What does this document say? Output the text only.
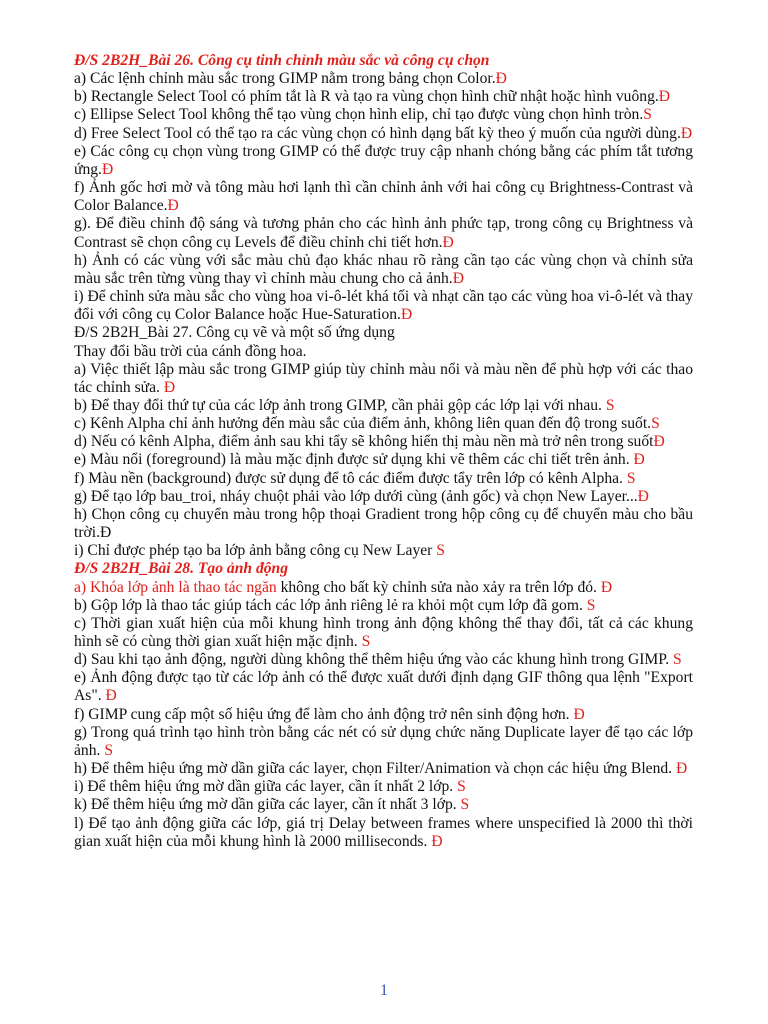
Đ/S 2B2H_Bài 26. Công cụ tinh chỉnh màu sắc và công cụ chọn

a) Các lệnh chỉnh màu sắc trong GIMP nằm trong bảng chọn Color.Đ

b) Rectangle Select Tool có phím tắt là R và tạo ra vùng chọn hình chữ nhật hoặc hình vuông.Đ

c) Ellipse Select Tool không thể tạo vùng chọn hình elip, chỉ tạo được vùng chọn hình tròn.S

d) Free Select Tool có thể tạo ra các vùng chọn có hình dạng bất kỳ theo ý muốn của người dùng.Đ

e) Các công cụ chọn vùng trong GIMP có thể được truy cập nhanh chóng bằng các phím tắt tương ứng.Đ

f) Ảnh gốc hơi mờ và tông màu hơi lạnh thì cần chỉnh ảnh với hai công cụ Brightness-Contrast và Color Balance.Đ

g). Để điều chỉnh độ sáng và tương phản cho các hình ảnh phức tạp, trong công cụ Brightness và Contrast sẽ chọn công cụ Levels để điều chỉnh chi tiết hơn.Đ

h) Ảnh có các vùng với sắc màu chủ đạo khác nhau rõ ràng cần tạo các vùng chọn và chỉnh sửa màu sắc trên từng vùng thay vì chỉnh màu chung cho cả ảnh.Đ

i) Để chỉnh sửa màu sắc cho vùng hoa vi-ô-lét khá tối và nhạt cần tạo các vùng hoa vi-ô-lét và thay đổi với công cụ Color Balance hoặc Hue-Saturation.Đ

Đ/S 2B2H_Bài 27. Công cụ vẽ và một số ứng dụng

Thay đổi bầu trời của cánh đồng hoa.

a) Việc thiết lập màu sắc trong GIMP giúp tùy chỉnh màu nổi và màu nền để phù hợp với các thao tác chỉnh sửa. Đ

b) Để thay đổi thứ tự của các lớp ảnh trong GIMP, cần phải gộp các lớp lại với nhau. S

c) Kênh Alpha chỉ ảnh hưởng đến màu sắc của điểm ảnh, không liên quan đến độ trong suốt.S

d) Nếu có kênh Alpha, điểm ảnh sau khi tẩy sẽ không hiển thị màu nền mà trở nên trong suốtĐ

e) Màu nổi (foreground) là màu mặc định được sử dụng khi vẽ thêm các chi tiết trên ảnh. Đ

f) Màu nền (background) được sử dụng để tô các điểm được tẩy trên lớp có kênh Alpha. S

g) Để tạo lớp bau_troi, nháy chuột phải vào lớp dưới cùng (ảnh gốc) và chọn New Layer...Đ

h) Chọn công cụ chuyển màu trong hộp thoại Gradient trong hộp công cụ để chuyển màu cho bầu trời.Đ

i) Chỉ được phép tạo ba lớp ảnh bằng công cụ New Layer S

Đ/S 2B2H_Bài 28. Tạo ảnh động

a) Khóa lớp ảnh là thao tác ngăn không cho bất kỳ chỉnh sửa nào xảy ra trên lớp đó. Đ

b) Gộp lớp là thao tác giúp tách các lớp ảnh riêng lẻ ra khỏi một cụm lớp đã gom. S

c) Thời gian xuất hiện của mỗi khung hình trong ảnh động không thể thay đổi, tất cả các khung hình sẽ có cùng thời gian xuất hiện mặc định. S

d) Sau khi tạo ảnh động, người dùng không thể thêm hiệu ứng vào các khung hình trong GIMP. S

e) Ảnh động được tạo từ các lớp ảnh có thể được xuất dưới định dạng GIF thông qua lệnh "Export As". Đ

f) GIMP cung cấp một số hiệu ứng để làm cho ảnh động trở nên sinh động hơn. Đ

g) Trong quá trình tạo hình tròn bằng các nét có sử dụng chức năng Duplicate layer để tạo các lớp ảnh. S

h) Để thêm hiệu ứng mờ dần giữa các layer, chọn Filter/Animation và chọn các hiệu ứng Blend. Đ

i) Để thêm hiệu ứng mờ dần giữa các layer, cần ít nhất 2 lớp. S

k) Để thêm hiệu ứng mờ dần giữa các layer, cần ít nhất 3 lớp. S

l) Để tạo ảnh động giữa các lớp, giá trị Delay between frames where unspecified là 2000 thì thời gian xuất hiện của mỗi khung hình là 2000 milliseconds. Đ

1
